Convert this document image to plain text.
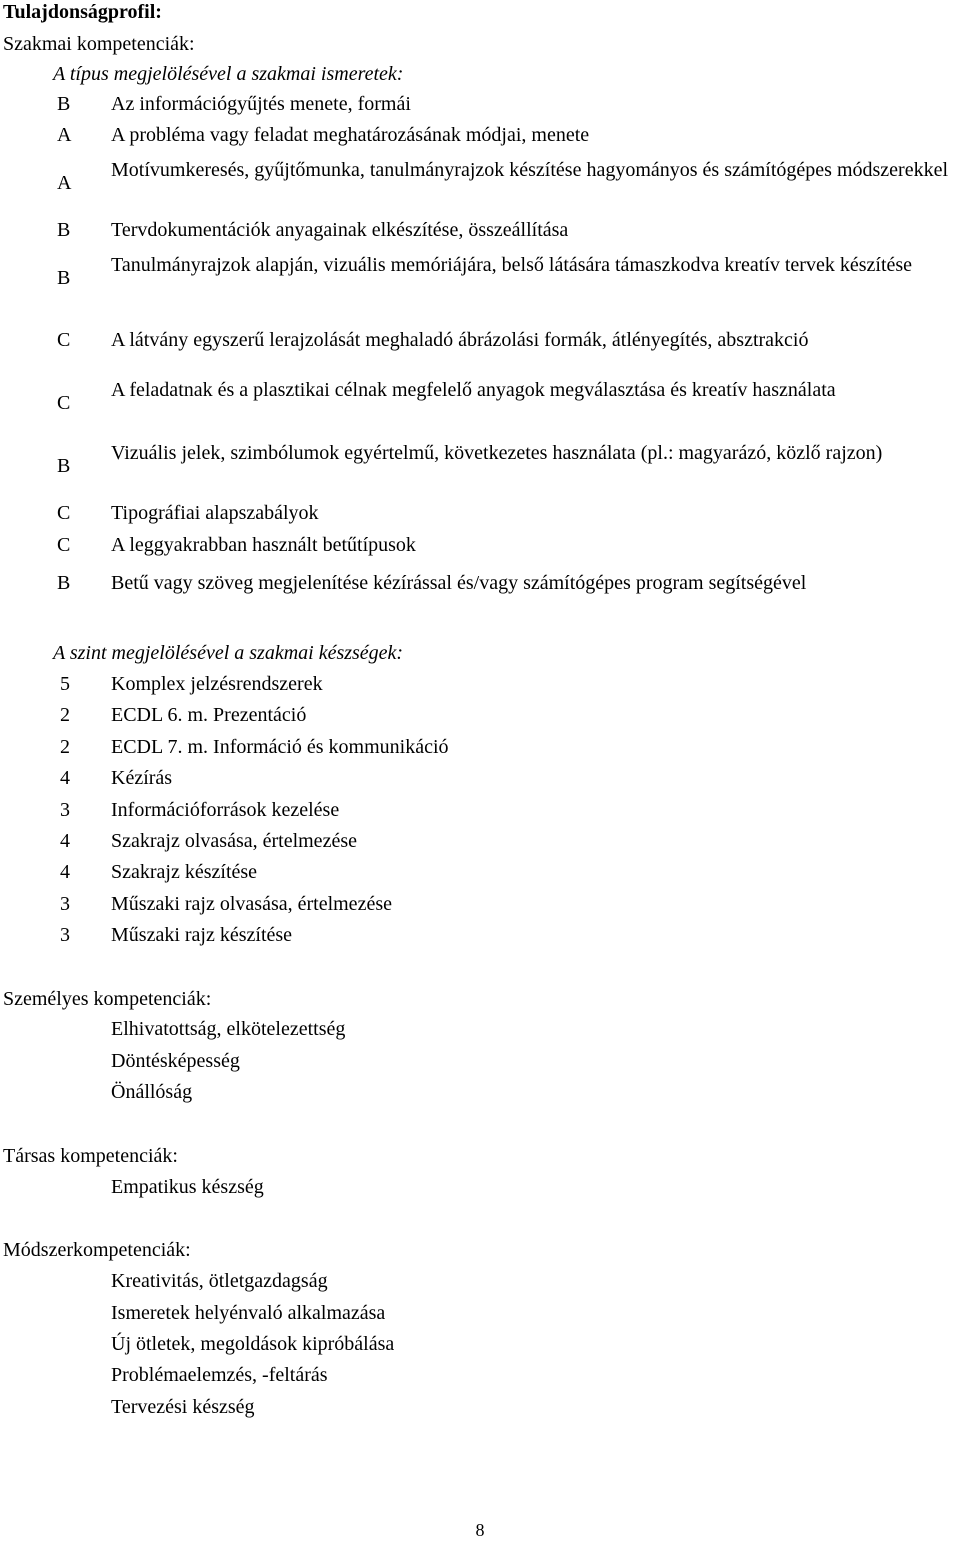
Tulajdonságprofil:
Szakmai kompetenciák:
A típus megjelölésével a szakmai ismeretek:
B Az információgyűjtés menete, formái
A A probléma vagy feladat meghatározásának módjai, menete
A
Motívumkeresés, gyűjtőmunka, tanulmányrajzok készítése hagyományos és számítógépes módszerekkel
B Tervdokumentációk anyagainak elkészítése, összeállítása
B
Tanulmányrajzok alapján, vizuális memóriájára, belső látására támaszkodva kreatív tervek készítése
C A látvány egyszerű lerajzolását meghaladó ábrázolási formák, átlényegítés, absztrakció
C
A feladatnak és a plasztikai célnak megfelelő anyagok megválasztása és kreatív használata
B
Vizuális jelek, szimbólumok egyértelmű, következetes használata (pl.: magyarázó, közlő rajzon)
C Tipográfiai alapszabályok
C A leggyakrabban használt betűtípusok
B Betű vagy szöveg megjelenítése kézírással és/vagy számítógépes program segítségével
A szint megjelölésével a szakmai készségek:
5 Komplex jelzésrendszerek
2 ECDL 6. m. Prezentáció
2 ECDL 7. m. Információ és kommunikáció
4 Kézírás
3 Információforrások kezelése
4 Szakrajz olvasása, értelmezése
4 Szakrajz készítése
3 Műszaki rajz olvasása, értelmezése
3 Műszaki rajz készítése
Személyes kompetenciák:
Elhivatottság, elkötelezettség
Döntésképesség
Önállóság
Társas kompetenciák:
Empatikus készség
Módszerkompetenciák:
Kreativitás, ötletgazdagság
Ismeretek helyénvaló alkalmazása
Új ötletek, megoldások kipróbálása
Problémaelemzés, -feltárás
Tervezési készség
8
